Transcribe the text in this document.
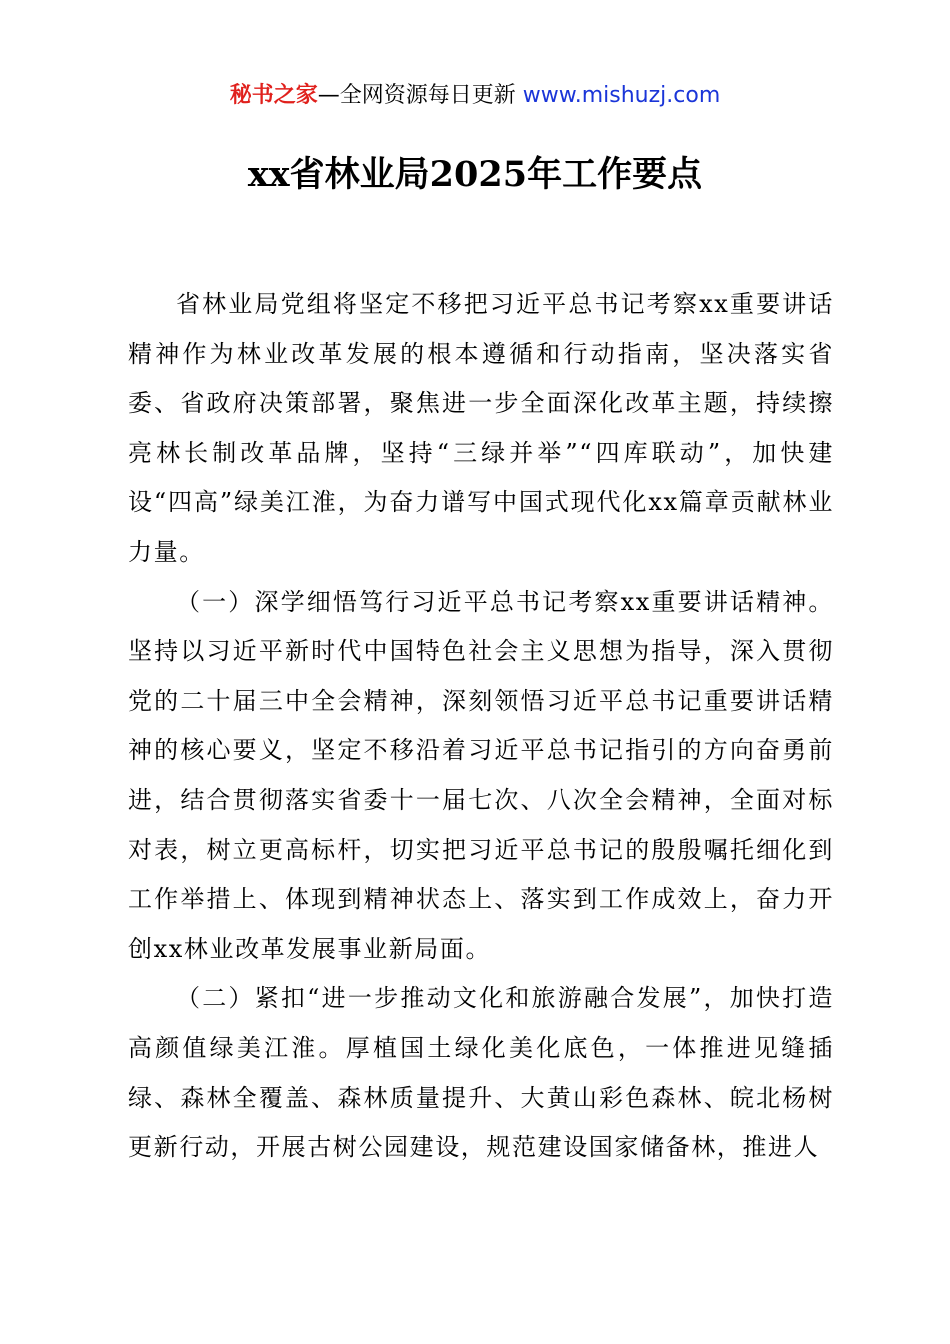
秘书之家—全网资源每日更新 www.mishuzj.com
xx省林业局2025年工作要点

省林业局党组将坚定不移把习近平总书记考察xx重要讲话精神作为林业改革发展的根本遵循和行动指南，坚决落实省委、省政府决策部署，聚焦进一步全面深化改革主题，持续擦亮林长制改革品牌，坚持“三绿并举”“四库联动”，加快建设“四高”绿美江淮，为奋力谱写中国式现代化xx篇章贡献林业力量。

（一）深学细悟笃行习近平总书记考察xx重要讲话精神。坚持以习近平新时代中国特色社会主义思想为指导，深入贯彻党的二十届三中全会精神，深刻领悟习近平总书记重要讲话精神的核心要义，坚定不移沿着习近平总书记指引的方向奋勇前进，结合贯彻落实省委十一届七次、八次全会精神，全面对标对表，树立更高标杆，切实把习近平总书记的殷殷嘱托细化到工作举措上、体现到精神状态上、落实到工作成效上，奋力开创xx林业改革发展事业新局面。

（二）紧扣“进一步推动文化和旅游融合发展”，加快打造高颜值绿美江淮。厚植国土绿化美化底色，一体推进见缝插绿、森林全覆盖、森林质量提升、大黄山彩色森林、皖北杨树更新行动，开展古树公园建设，规范建设国家储备林，推进人
